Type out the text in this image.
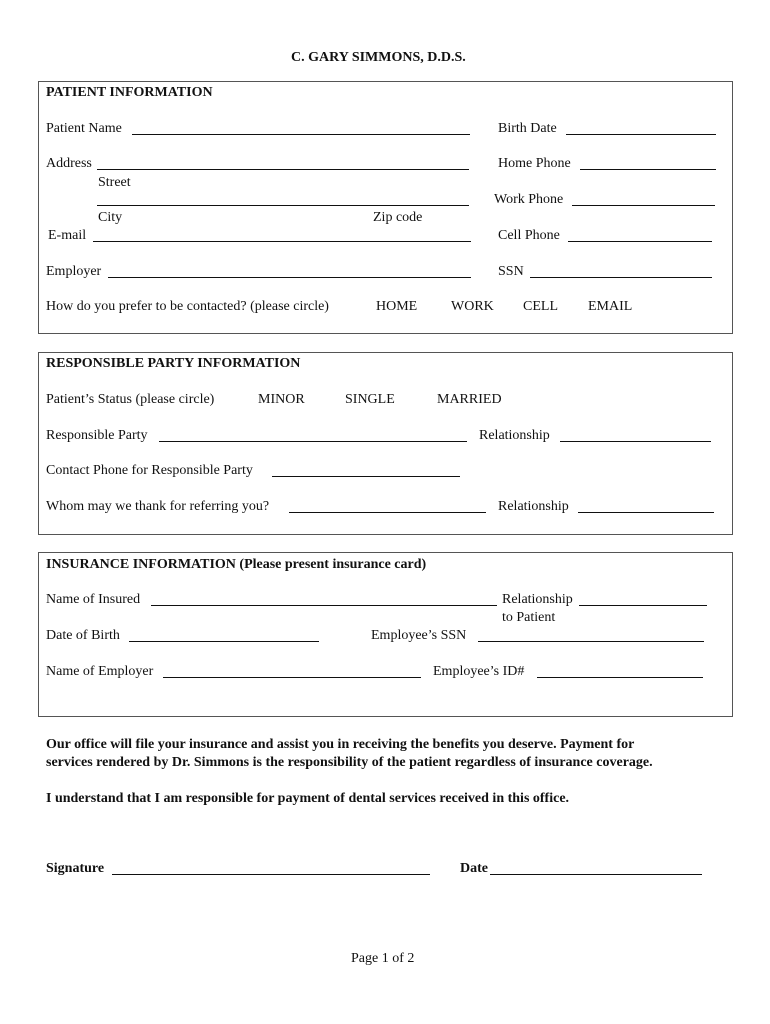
C. GARY SIMMONS, D.D.S.
PATIENT INFORMATION
Patient Name	Birth Date
Address	Home Phone
Street
Work Phone
City	Zip code
E-mail	Cell Phone
Employer	SSN
How do you prefer to be contacted? (please circle)	HOME WORK CELL EMAIL
RESPONSIBLE PARTY INFORMATION
Patient’s Status (please circle)	MINOR	SINGLE	MARRIED
Responsible Party	Relationship
Contact Phone for Responsible Party
Whom may we thank for referring you?	Relationship
INSURANCE INFORMATION (Please present insurance card)
Name of Insured	Relationship
to Patient
Date of Birth	Employee’s SSN
Name of Employer	Employee’s ID#
Our office will file your insurance and assist you in receiving the benefits you deserve. Payment for
services rendered by Dr. Simmons is the responsibility of the patient regardless of insurance coverage.
I understand that I am responsible for payment of dental services received in this office.
Signature	Date
Page 1 of 2
